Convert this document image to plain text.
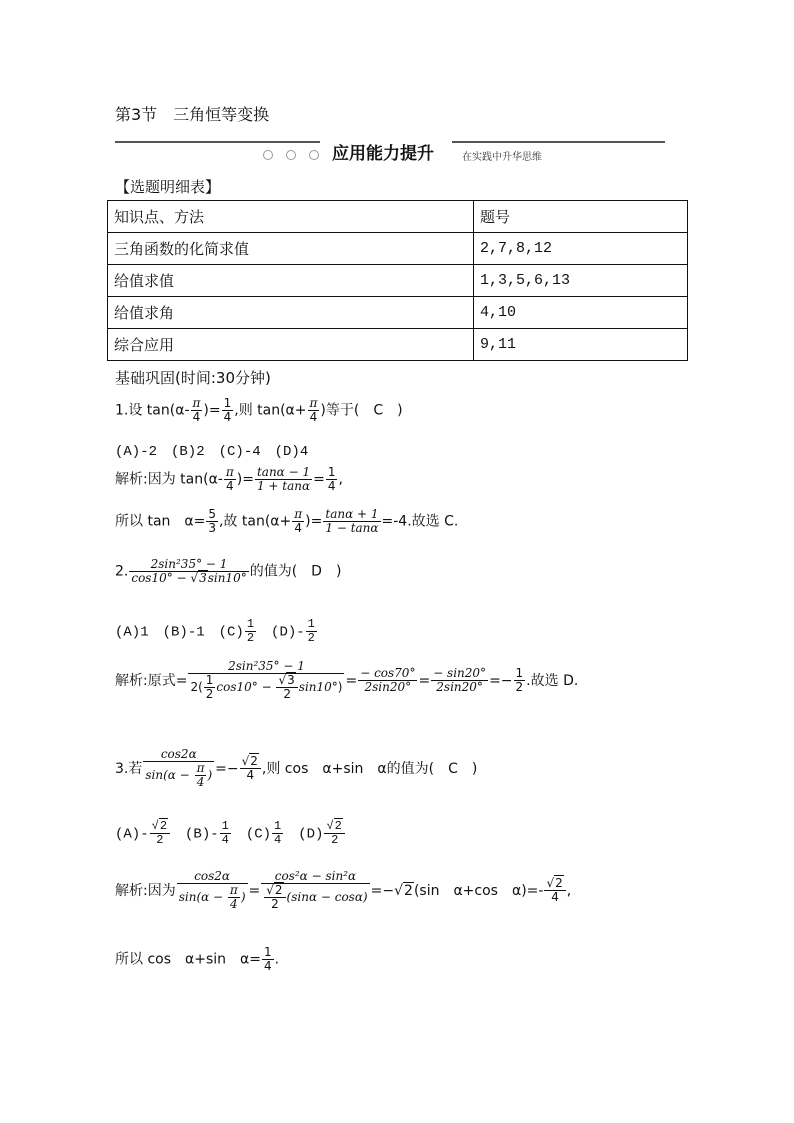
第3节　三角恒等变换
应用能力提升	在实践中升华思维
【选题明细表】
知识点、方法	题号
三角函数的化简求值	2,7,8,12
给值求值	1,3,5,6,13
给值求角	4,10
综合应用	9,11
基础巩固(时间:30分钟)
1.设 $\tan(\alpha- \frac{\pi}{4}$ )= $\frac{1}{4}$ ,则 $\tan(\alpha+ \frac{\pi}{4}$ )等于(　C　)
(A)-2　(B)2　(C)-4　(D)4
解析:因为 $\tan(\alpha- \frac{\pi}{4}$ )= $\frac{\tan\alpha - 1}{1 + \tan\alpha} = \frac{1}{4}$ ,
所以 tan　$\alpha= \frac{5}{3}$ ,故 $\tan(\alpha+ \frac{\pi}{4}$ )= $\frac{\tan\alpha + 1}{1 - \tan\alpha} =-4$.故选 C.
2. $\frac{\text{2sin²35° − 1}}{\cos 10^\circ - √3\sin 10^\circ}$ 的值为(　D　)
(A)1　 (B)-1　 $(C) \frac{1}{2}$
　 $(D)- \frac{1}{2}$
解析:原式= $\frac{\text{2sin²35° − 1}}{2( \frac{1}{2} \cos 10^\circ - \frac{√3}{2} \sin 10^\circ)} = \frac{- \cos 70^\circ}{2\sin 20^\circ} = \frac{- \sin 20^\circ}{2\sin 20^\circ} =- \frac{1}{2}$ .故选 D.
3.若 $\frac{\cos 2\alpha}{\sin(\alpha - \frac{\pi}{4} )} =- \frac{√2}{4}$ ,则 cos　α+sin　α的值为(　C　)
$(A)- \frac{√2}{2}$
　 $(B)- \frac{1}{4}$
　 $(C) \frac{1}{4}$
　 $(D) \frac{√2}{2}$
解析:因为 $\frac{\cos 2\alpha}{\sin(\alpha - \frac{\pi}{4} )} = \frac{\text{cos²α − sin²α}}{\frac{√2}{2} (\sin\alpha - \cos\alpha)} =-√2(\sin$　α+cos　$\alpha)=- \frac{√2}{4}$ ,
所以 cos　α+sin　$\alpha= \frac{1}{4}$ .
